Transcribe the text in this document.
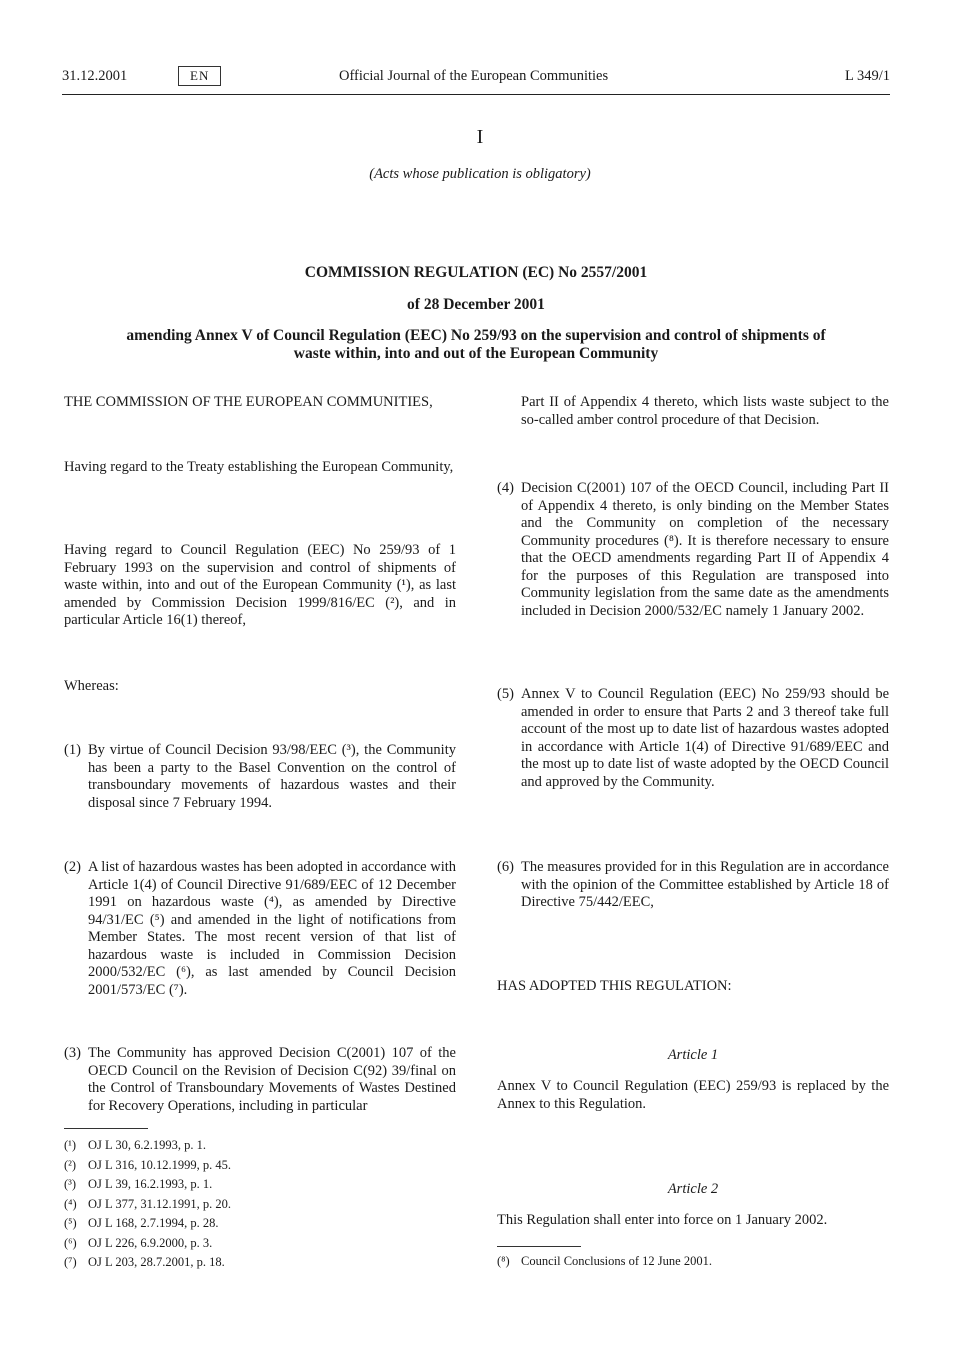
31.12.2001	EN	Official Journal of the European Communities	L 349/1
I
(Acts whose publication is obligatory)
COMMISSION REGULATION (EC) No 2557/2001
of 28 December 2001
amending Annex V of Council Regulation (EEC) No 259/93 on the supervision and control of shipments of waste within, into and out of the European Community
THE COMMISSION OF THE EUROPEAN COMMUNITIES,
Having regard to the Treaty establishing the European Community,
Having regard to Council Regulation (EEC) No 259/93 of 1 February 1993 on the supervision and control of shipments of waste within, into and out of the European Community (¹), as last amended by Commission Decision 1999/816/EC (²), and in particular Article 16(1) thereof,
Whereas:
(1) By virtue of Council Decision 93/98/EEC (³), the Community has been a party to the Basel Convention on the control of transboundary movements of hazardous wastes and their disposal since 7 February 1994.
(2) A list of hazardous wastes has been adopted in accordance with Article 1(4) of Council Directive 91/689/EEC of 12 December 1991 on hazardous waste (⁴), as amended by Directive 94/31/EC (⁵) and amended in the light of notifications from Member States. The most recent version of that list of hazardous waste is included in Commission Decision 2000/532/EC (⁶), as last amended by Council Decision 2001/573/EC (⁷).
(3) The Community has approved Decision C(2001) 107 of the OECD Council on the Revision of Decision C(92) 39/final on the Control of Transboundary Movements of Wastes Destined for Recovery Operations, including in particular
(¹) OJ L 30, 6.2.1993, p. 1.
(²) OJ L 316, 10.12.1999, p. 45.
(³) OJ L 39, 16.2.1993, p. 1.
(⁴) OJ L 377, 31.12.1991, p. 20.
(⁵) OJ L 168, 2.7.1994, p. 28.
(⁶) OJ L 226, 6.9.2000, p. 3.
(⁷) OJ L 203, 28.7.2001, p. 18.
Part II of Appendix 4 thereto, which lists waste subject to the so-called amber control procedure of that Decision.
(4) Decision C(2001) 107 of the OECD Council, including Part II of Appendix 4 thereto, is only binding on the Member States and the Community on completion of the necessary Community procedures (⁸). It is therefore necessary to ensure that the OECD amendments regarding Part II of Appendix 4 for the purposes of this Regulation are transposed into Community legislation from the same date as the amendments included in Decision 2000/532/EC namely 1 January 2002.
(5) Annex V to Council Regulation (EEC) No 259/93 should be amended in order to ensure that Parts 2 and 3 thereof take full account of the most up to date list of hazardous wastes adopted in accordance with Article 1(4) of Directive 91/689/EEC and the most up to date list of waste adopted by the OECD Council and approved by the Community.
(6) The measures provided for in this Regulation are in accordance with the opinion of the Committee established by Article 18 of Directive 75/442/EEC,
HAS ADOPTED THIS REGULATION:
Article 1
Annex V to Council Regulation (EEC) 259/93 is replaced by the Annex to this Regulation.
Article 2
This Regulation shall enter into force on 1 January 2002.
(⁸) Council Conclusions of 12 June 2001.
